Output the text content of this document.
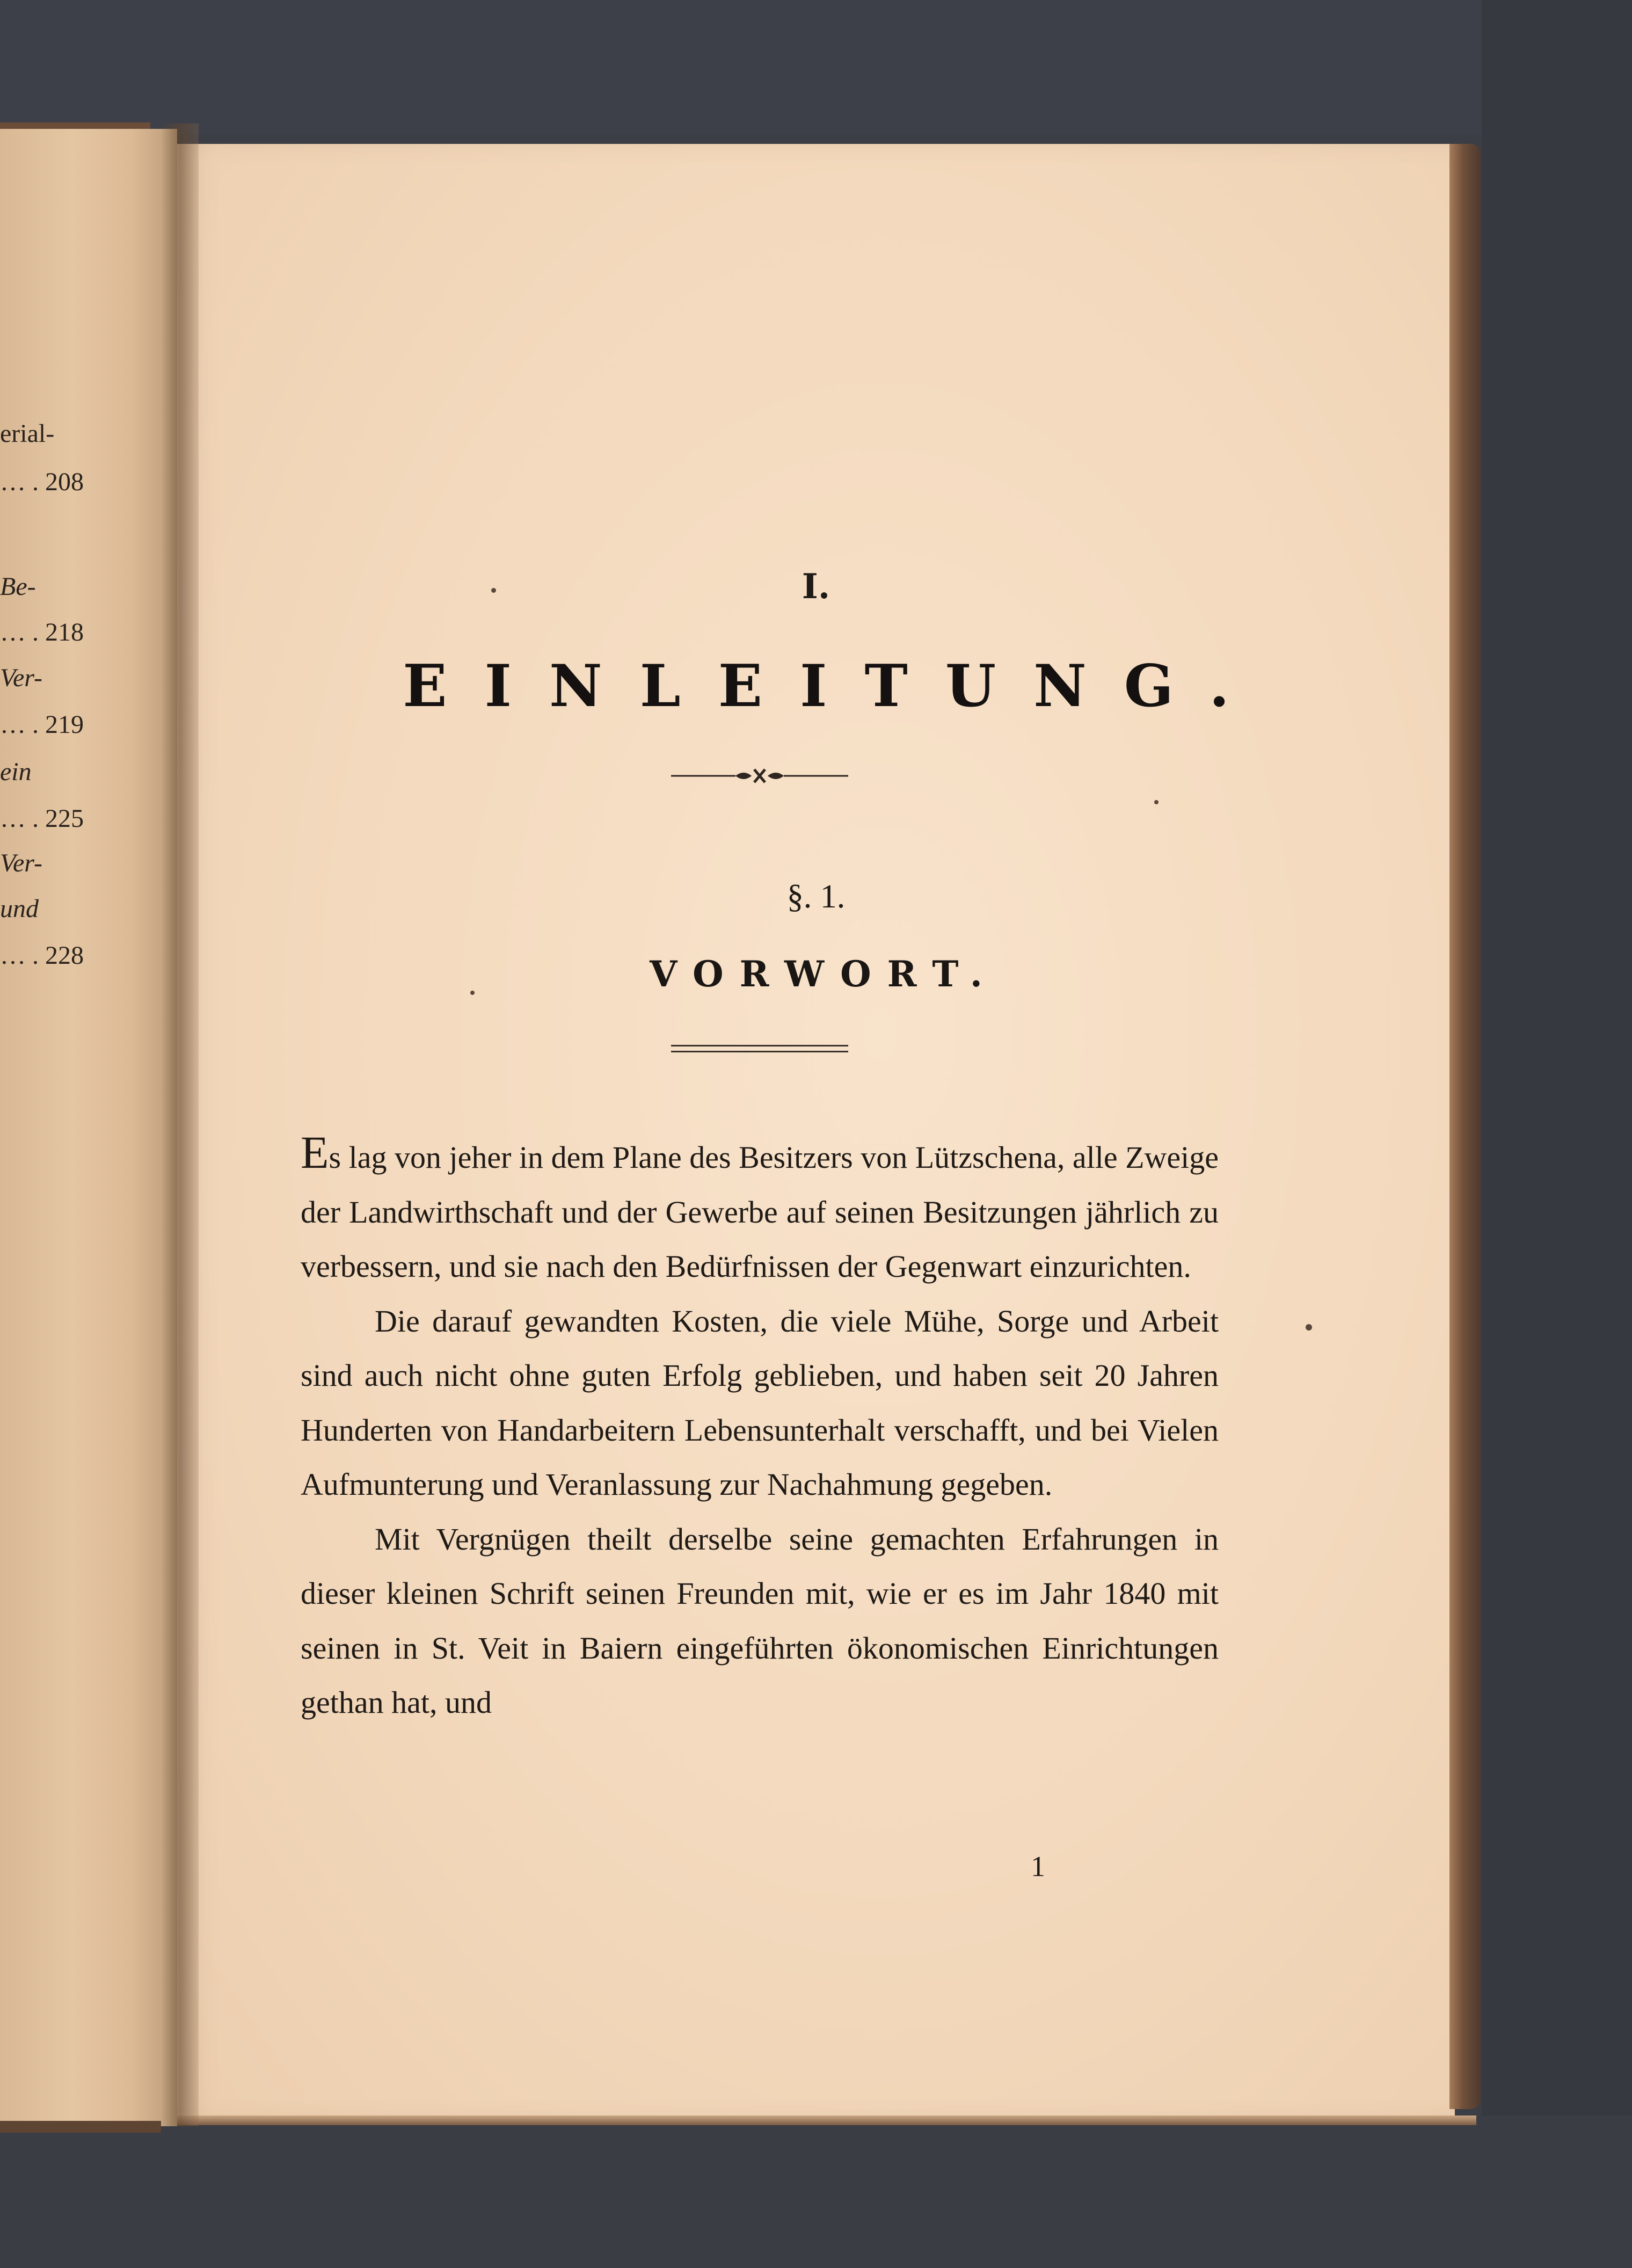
erial-
… . 208
Be-
… . 218
Ver-
… . 219
ein
… . 225
Ver-
und
… . 228
I.
EINLEITUNG.
§. 1.
VORWORT.

Es lag von jeher in dem Plane des Besitzers von Lützschena, alle Zweige der Landwirthschaft und der Gewerbe auf seinen Besitzungen jährlich zu verbessern, und sie nach den Bedürfnissen der Gegenwart einzurichten.

Die darauf gewandten Kosten, die viele Mühe, Sorge und Arbeit sind auch nicht ohne guten Erfolg geblieben, und haben seit 20 Jahren Hunderten von Handarbeitern Lebensunterhalt verschafft, und bei Vielen Aufmunterung und Veranlassung zur Nachahmung gegeben.

Mit Vergnügen theilt derselbe seine gemachten Erfahrungen in dieser kleinen Schrift seinen Freunden mit, wie er es im Jahr 1840 mit seinen in St. Veit in Baiern eingeführten ökonomischen Einrichtungen gethan hat, und

1
